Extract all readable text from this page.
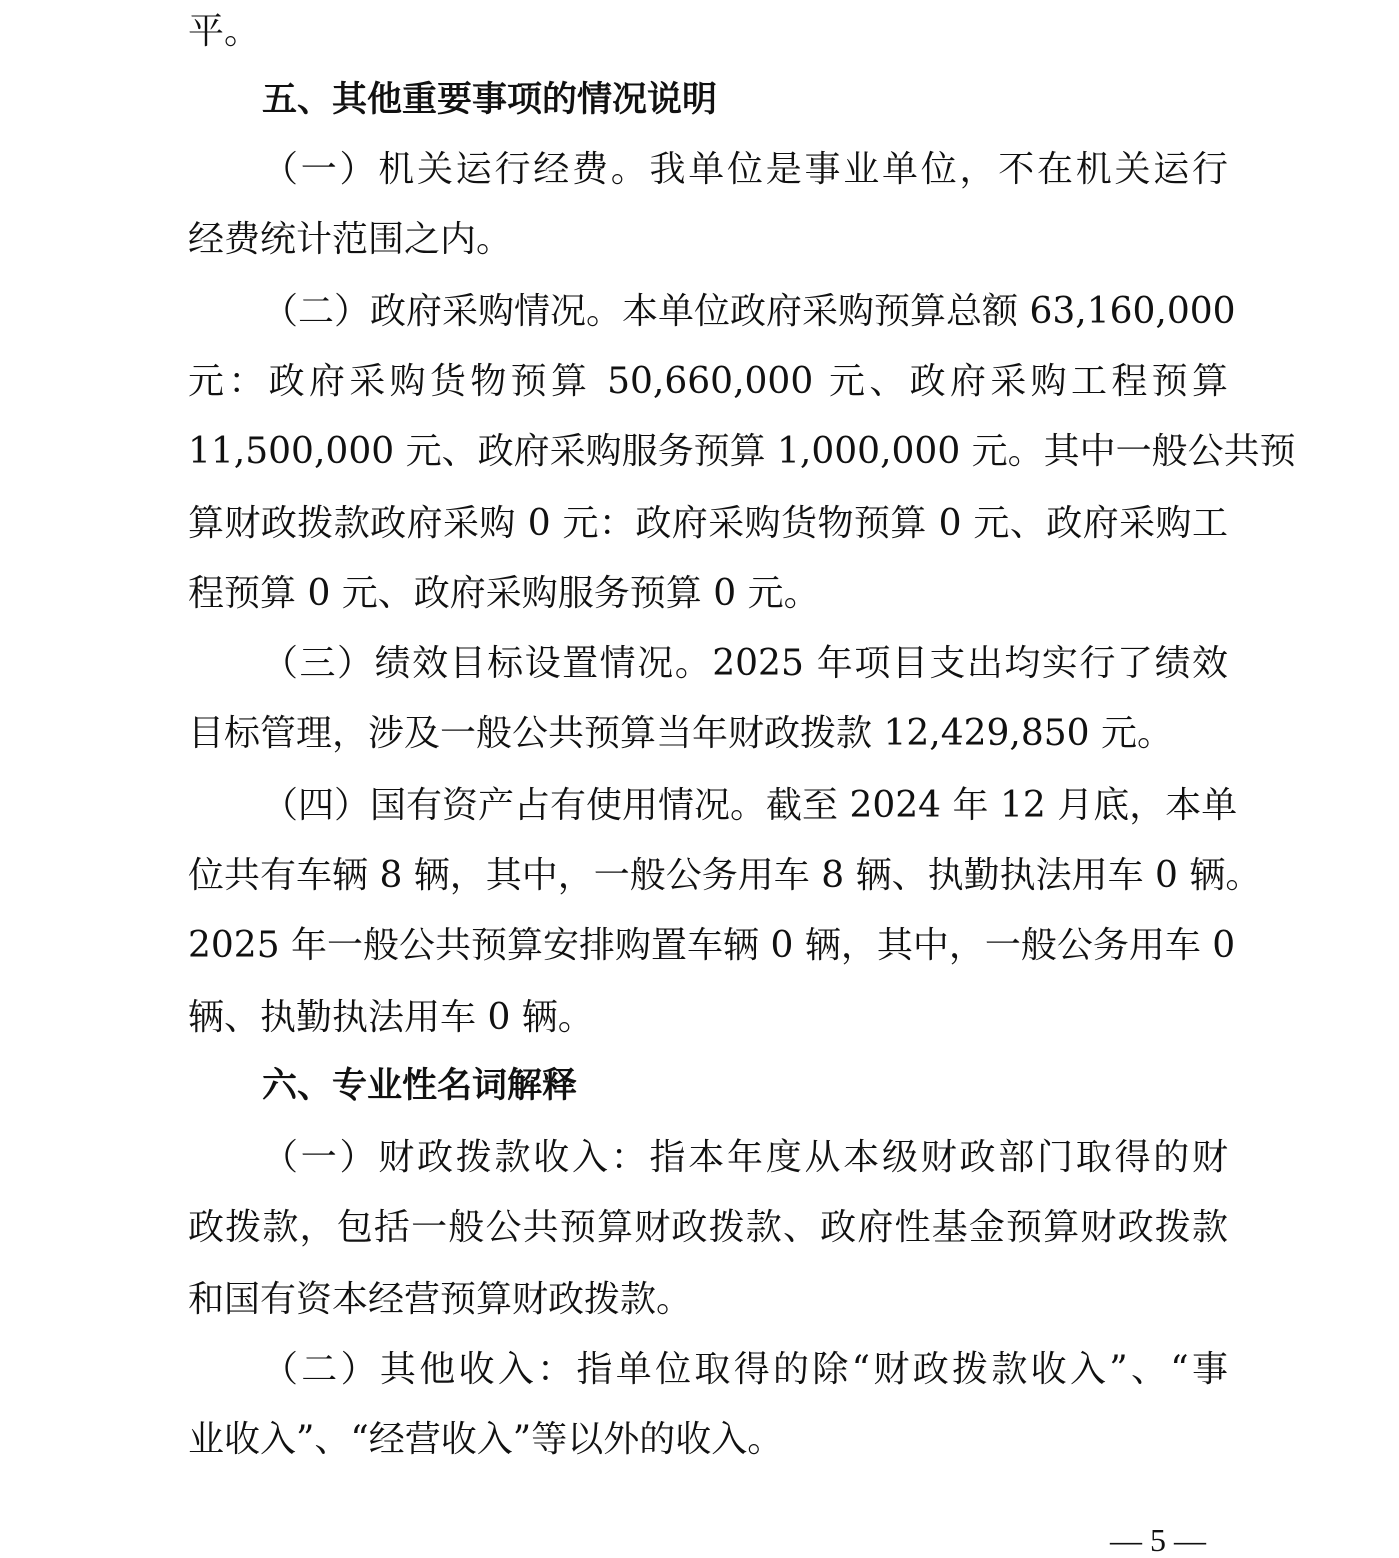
平。
五、其他重要事项的情况说明
（一）机关运行经费。我单位是事业单位，不在机关运行
经费统计范围之内。
（二）政府采购情况。本单位政府采购预算总额 63,160,000
元：政府采购货物预算 50,660,000 元、政府采购工程预算
11,500,000 元、政府采购服务预算 1,000,000 元。其中一般公共预
算财政拨款政府采购 0 元：政府采购货物预算 0 元、政府采购工
程预算 0 元、政府采购服务预算 0 元。
（三）绩效目标设置情况。2025 年项目支出均实行了绩效
目标管理，涉及一般公共预算当年财政拨款 12,429,850 元。
（四）国有资产占有使用情况。截至 2024 年 12 月底，本单
位共有车辆 8 辆，其中，一般公务用车 8 辆、执勤执法用车 0 辆。
2025 年一般公共预算安排购置车辆 0 辆，其中，一般公务用车 0
辆、执勤执法用车 0 辆。
六、专业性名词解释
（一）财政拨款收入：指本年度从本级财政部门取得的财
政拨款，包括一般公共预算财政拨款、政府性基金预算财政拨款
和国有资本经营预算财政拨款。
（二）其他收入：指单位取得的除“财政拨款收入”、“事
业收入”、“经营收入”等以外的收入。
— 5 —
